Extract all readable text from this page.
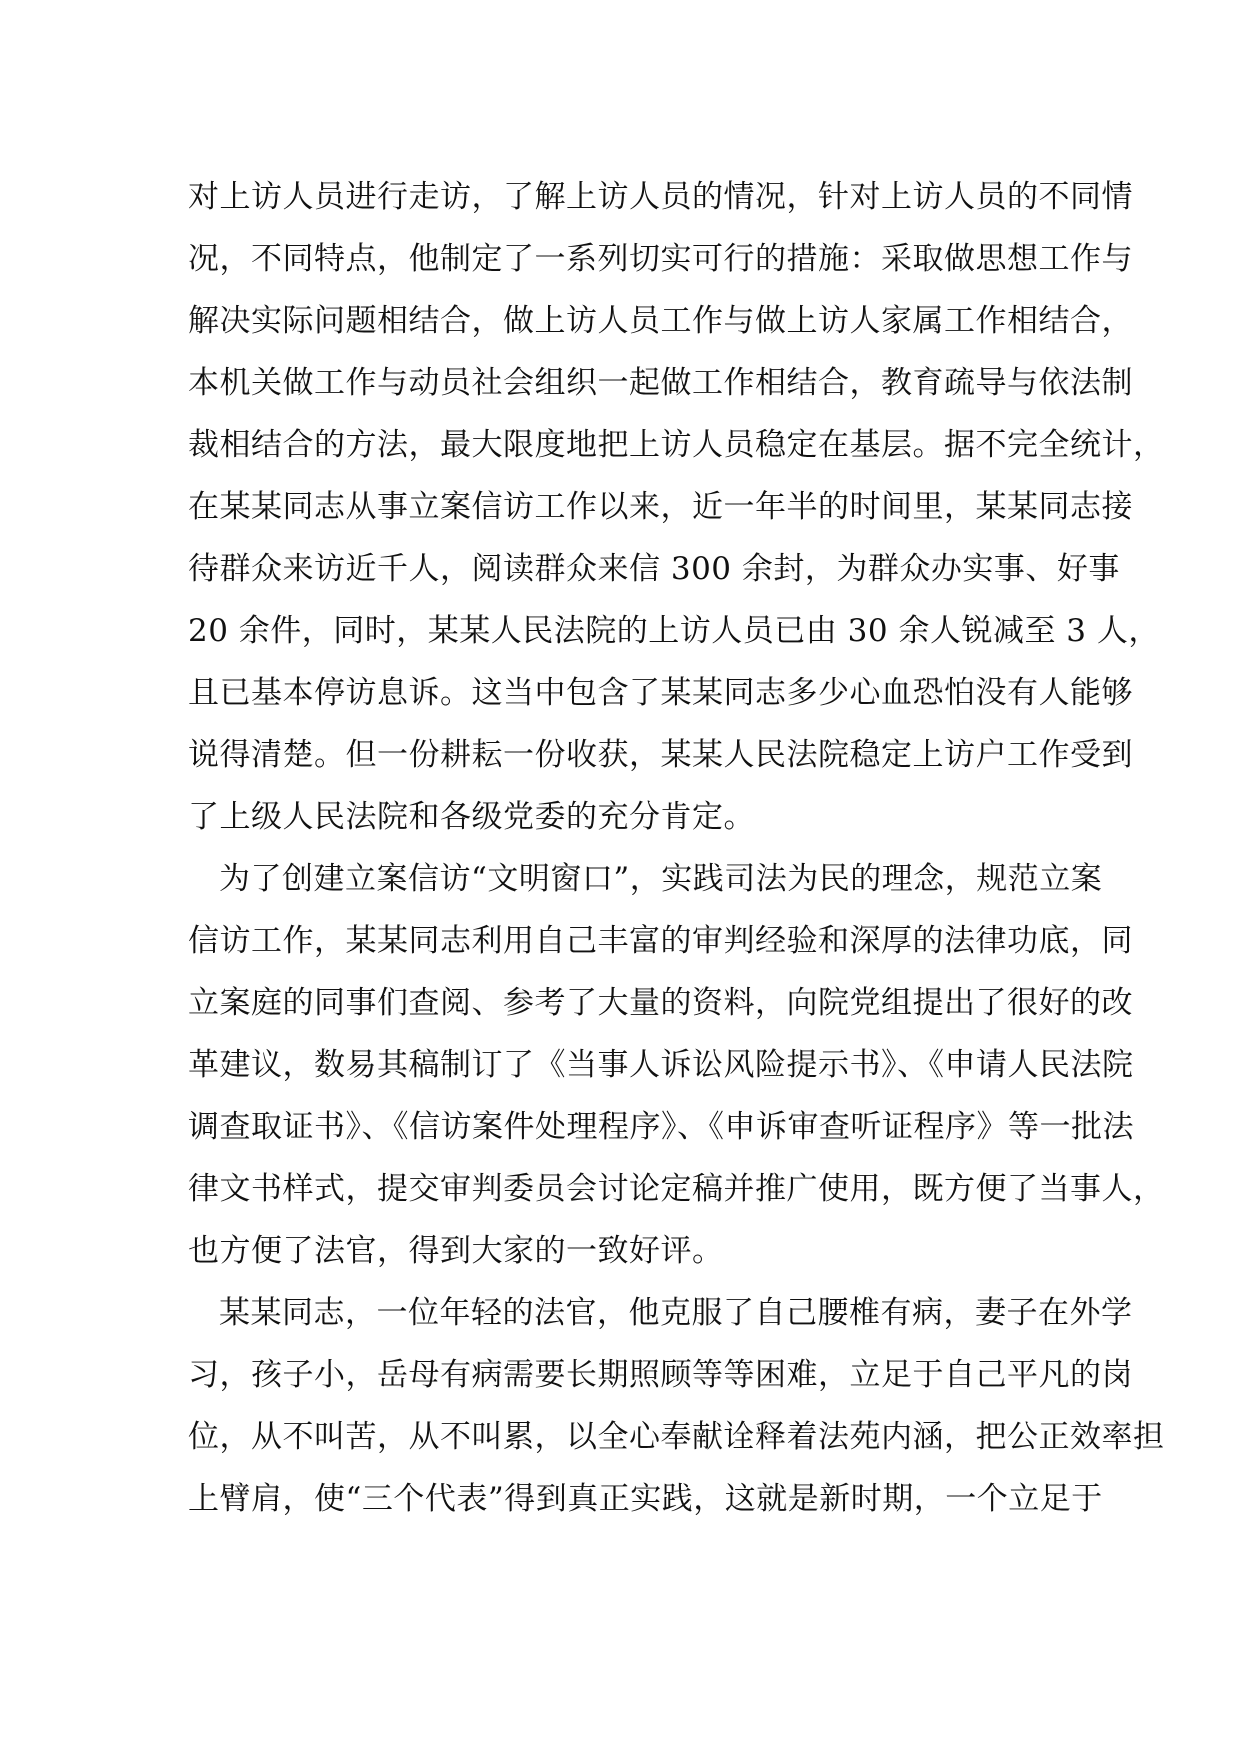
对上访人员进行走访，了解上访人员的情况，针对上访人员的不同情
况，不同特点，他制定了一系列切实可行的措施：采取做思想工作与
解决实际问题相结合，做上访人员工作与做上访人家属工作相结合，
本机关做工作与动员社会组织一起做工作相结合，教育疏导与依法制
裁相结合的方法，最大限度地把上访人员稳定在基层。据不完全统计，
在某某同志从事立案信访工作以来，近一年半的时间里，某某同志接
待群众来访近千人，阅读群众来信 300 余封，为群众办实事、好事
20 余件，同时，某某人民法院的上访人员已由 30 余人锐减至 3 人，
且已基本停访息诉。这当中包含了某某同志多少心血恐怕没有人能够
说得清楚。但一份耕耘一份收获，某某人民法院稳定上访户工作受到
了上级人民法院和各级党委的充分肯定。
为了创建立案信访“文明窗口”，实践司法为民的理念，规范立案
信访工作，某某同志利用自己丰富的审判经验和深厚的法律功底，同
立案庭的同事们查阅、参考了大量的资料，向院党组提出了很好的改
革建议，数易其稿制订了《当事人诉讼风险提示书》、《申请人民法院
调查取证书》、《信访案件处理程序》、《申诉审查听证程序》等一批法
律文书样式，提交审判委员会讨论定稿并推广使用，既方便了当事人，
也方便了法官，得到大家的一致好评。
某某同志，一位年轻的法官，他克服了自己腰椎有病，妻子在外学
习，孩子小，岳母有病需要长期照顾等等困难，立足于自己平凡的岗
位，从不叫苦，从不叫累，以全心奉献诠释着法苑内涵，把公正效率担
上臂肩，使“三个代表”得到真正实践，这就是新时期，一个立足于
